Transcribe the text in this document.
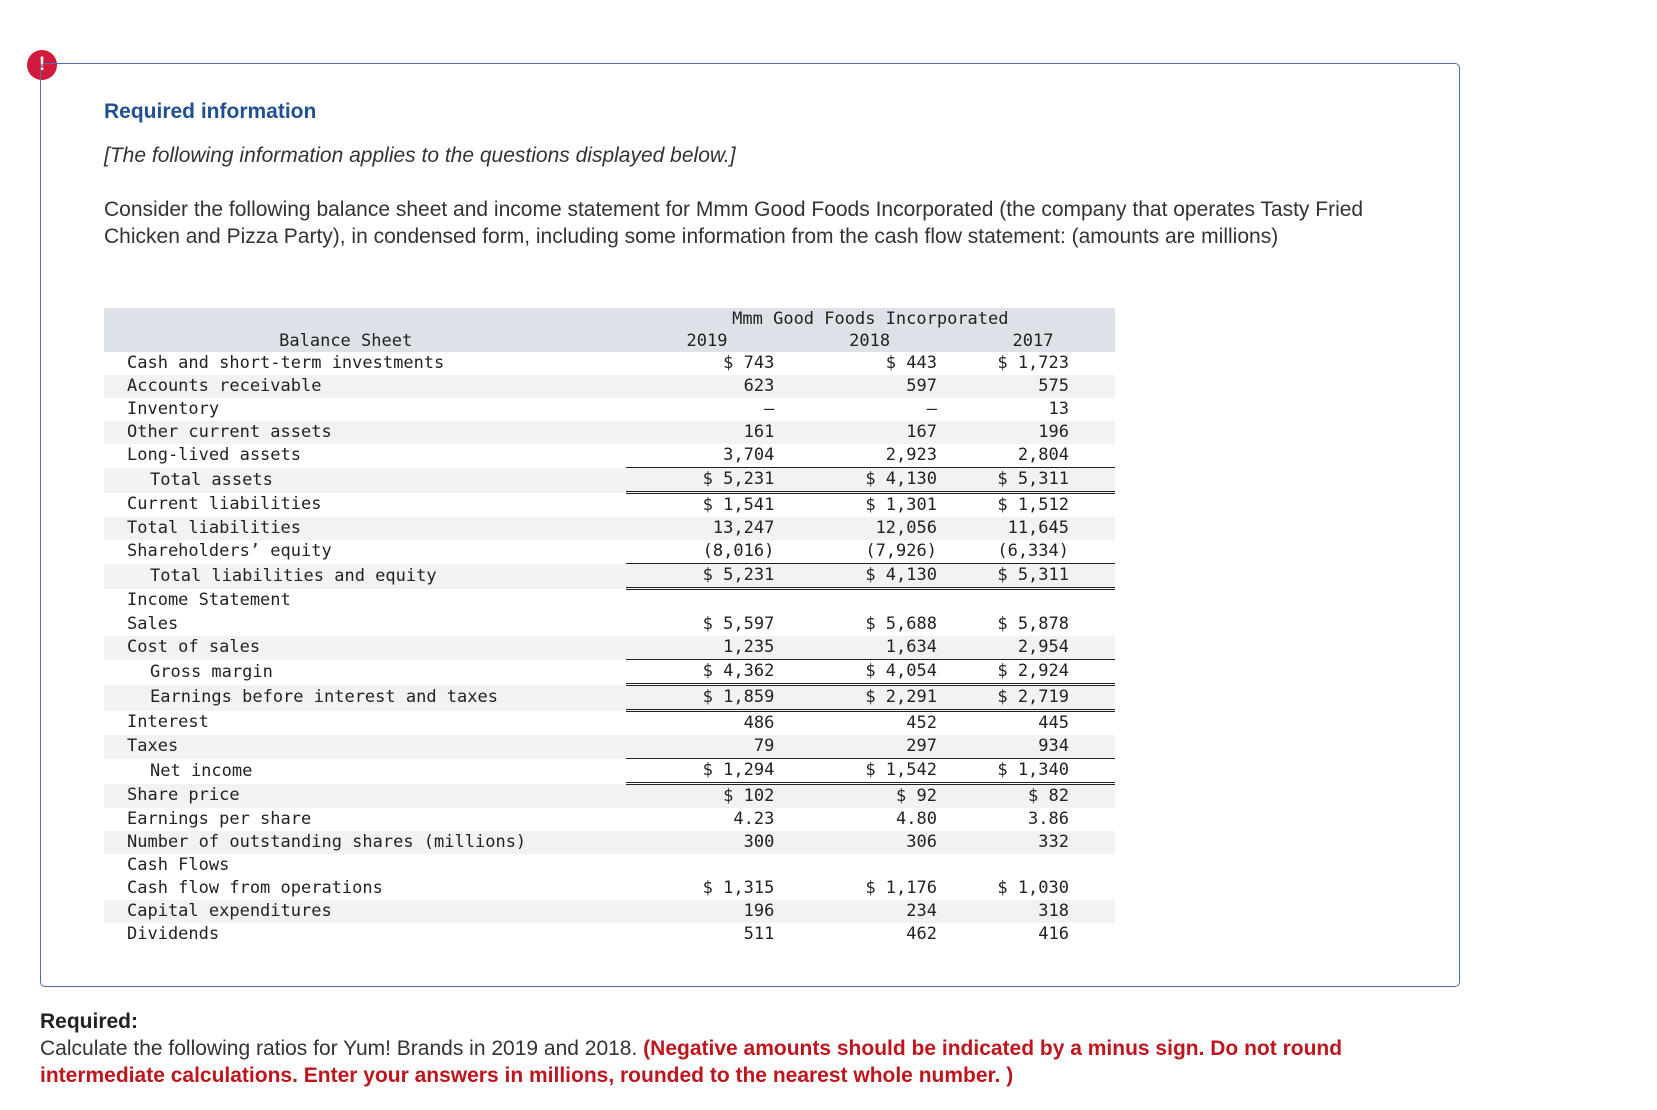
!

Required information

[The following information applies to the questions displayed below.]

Consider the following balance sheet and income statement for Mmm Good Foods Incorporated (the company that operates Tasty Fried Chicken and Pizza Party), in condensed form, including some information from the cash flow statement: (amounts are millions)

		Mmm Good Foods Incorporated		
Balance Sheet		2019	2018	2017
Cash and short-term investments		$ 743	$ 443	$ 1,723
Accounts receivable		623	597	575
Inventory		–	–	13
Other current assets		161	167	196
Long-lived assets		3,704	2,923	2,804
Total assets		$ 5,231	$ 4,130	$ 5,311
Current liabilities		$ 1,541	$ 1,301	$ 1,512
Total liabilities		13,247	12,056	11,645
Shareholders’ equity		(8,016)	(7,926)	(6,334)
Total liabilities and equity		$ 5,231	$ 4,130	$ 5,311
Income Statement				
Sales		$ 5,597	$ 5,688	$ 5,878
Cost of sales		1,235	1,634	2,954
Gross margin		$ 4,362	$ 4,054	$ 2,924
Earnings before interest and taxes		$ 1,859	$ 2,291	$ 2,719
Interest		486	452	445
Taxes		79	297	934
Net income		$ 1,294	$ 1,542	$ 1,340
Share price		$ 102	$ 92	$ 82
Earnings per share		4.23	4.80	3.86
Number of outstanding shares (millions)		300	306	332
Cash Flows				
Cash flow from operations		$ 1,315	$ 1,176	$ 1,030
Capital expenditures		196	234	318
Dividends		511	462	416

Required:
Calculate the following ratios for Yum! Brands in 2019 and 2018. (Negative amounts should be indicated by a minus sign. Do not round intermediate calculations. Enter your answers in millions, rounded to the nearest whole number. )
